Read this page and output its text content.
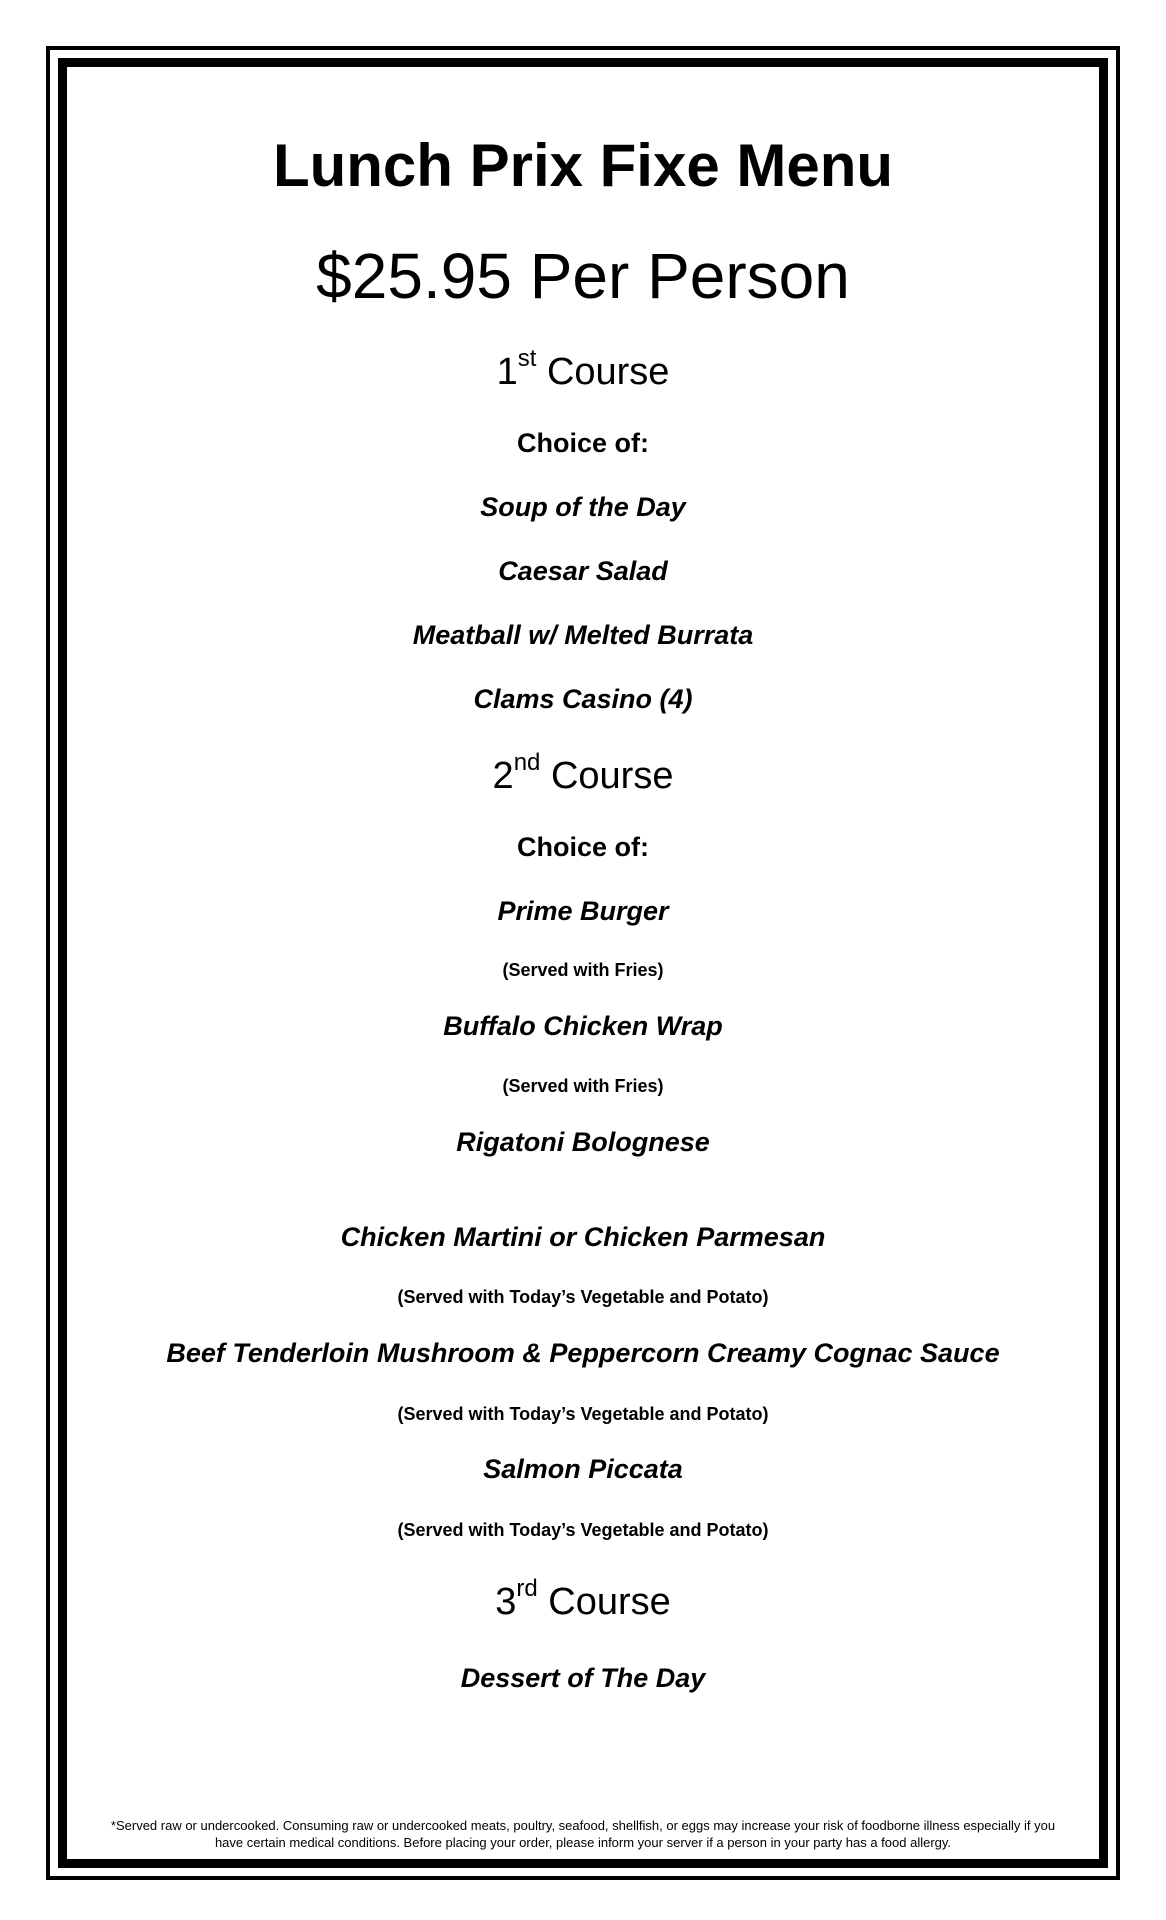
Lunch Prix Fixe Menu
$25.95 Per Person
1st Course
Choice of:
Soup of the Day
Caesar Salad
Meatball w/ Melted Burrata
Clams Casino (4)
2nd Course
Choice of:
Prime Burger
(Served with Fries)
Buffalo Chicken Wrap
(Served with Fries)
Rigatoni Bolognese
Chicken Martini or Chicken Parmesan
(Served with Today’s Vegetable and Potato)
Beef Tenderloin Mushroom & Peppercorn Creamy Cognac Sauce
(Served with Today’s Vegetable and Potato)
Salmon Piccata
(Served with Today’s Vegetable and Potato)
3rd Course
Dessert of The Day
*Served raw or undercooked. Consuming raw or undercooked meats, poultry, seafood, shellfish, or eggs may increase your risk of foodborne illness especially if you
have certain medical conditions. Before placing your order, please inform your server if a person in your party has a food allergy.
